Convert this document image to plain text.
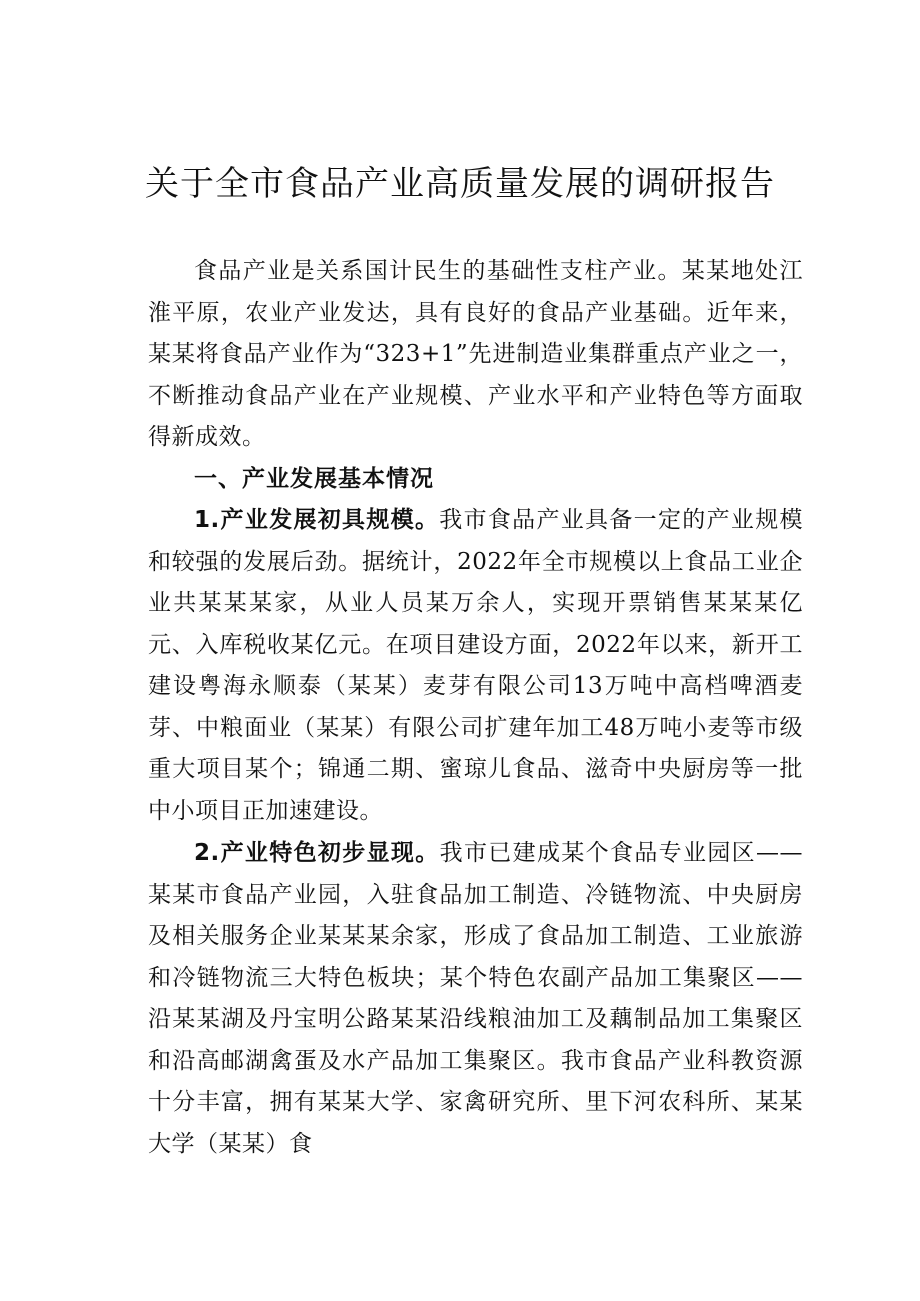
关于全市食品产业高质量发展的调研报告

食品产业是关系国计民生的基础性支柱产业。某某地处江淮平原，农业产业发达，具有良好的食品产业基础。近年来，某某将食品产业作为“323+1”先进制造业集群重点产业之一，不断推动食品产业在产业规模、产业水平和产业特色等方面取得新成效。

一、产业发展基本情况

1.产业发展初具规模。我市食品产业具备一定的产业规模和较强的发展后劲。据统计，2022年全市规模以上食品工业企业共某某某家，从业人员某万余人，实现开票销售某某某亿元、入库税收某亿元。在项目建设方面，2022年以来，新开工建设粤海永顺泰（某某）麦芽有限公司13万吨中高档啤酒麦芽、中粮面业（某某）有限公司扩建年加工48万吨小麦等市级重大项目某个；锦通二期、蜜琼儿食品、滋奇中央厨房等一批中小项目正加速建设。

2.产业特色初步显现。我市已建成某个食品专业园区——某某市食品产业园，入驻食品加工制造、冷链物流、中央厨房及相关服务企业某某某余家，形成了食品加工制造、工业旅游和冷链物流三大特色板块；某个特色农副产品加工集聚区——沿某某湖及丹宝明公路某某沿线粮油加工及藕制品加工集聚区和沿高邮湖禽蛋及水产品加工集聚区。我市食品产业科教资源十分丰富，拥有某某大学、家禽研究所、里下河农科所、某某大学（某某）食
